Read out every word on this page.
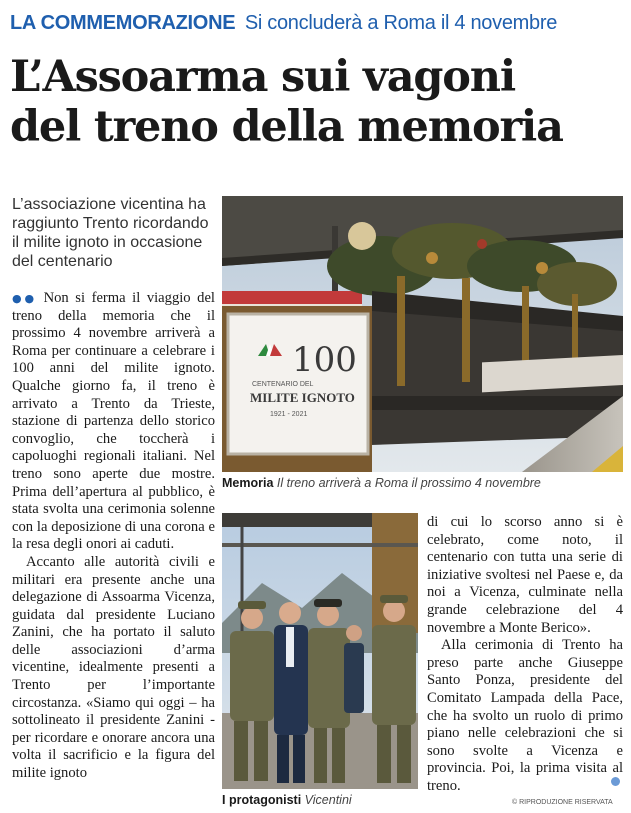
LA COMMEMORAZIONE Si concluderà a Roma il 4 novembre
L’Assoarma sui vagoni
del treno della memoria
L’associazione vicentina ha raggiunto Trento ricordando il milite ignoto in occasione del centenario

●● Non si ferma il viaggio del treno della memoria che il prossimo 4 novembre arriverà a Roma per continuare a celebrare i 100 anni del milite ignoto. Qualche giorno fa, il treno è arrivato a Trento da Trieste, stazione di partenza dello storico convoglio, che toccherà i capoluoghi regionali italiani. Nel treno sono aperte due mostre. Prima dell’apertura al pubblico, è stata svolta una cerimonia solenne con la deposizione di una corona e la resa degli onori ai caduti.

Accanto alle autorità civili e militari era presente anche una delegazione di Assoarma Vicenza, guidata dal presidente Luciano Zanini, che ha portato il saluto delle associazioni d’arma vicentine, idealmente presenti a Trento per l’importante circostanza. «Siamo qui oggi – ha sottolineato il presidente Zanini - per ricordare e onorare ancora una volta il sacrificio e la figura del milite ignoto

di cui lo scorso anno si è celebrato, come noto, il centenario con tutta una serie di iniziative svoltesi nel Paese e, da noi a Vicenza, culminate nella grande celebrazione del 4 novembre a Monte Berico».

Alla cerimonia di Trento ha preso parte anche Giuseppe Santo Ponza, presidente del Comitato Lampada della Pace, che ha svolto un ruolo di primo piano nelle celebrazioni che si sono svolte a Vicenza e provincia. Poi, la prima visita al treno.

100
CENTENARIO DEL
MILITE IGNOTO
1921 - 2021
Memoria Il treno arriverà a Roma il prossimo 4 novembre
I protagonisti Vicentini	© RIPRODUZIONE RISERVATA
